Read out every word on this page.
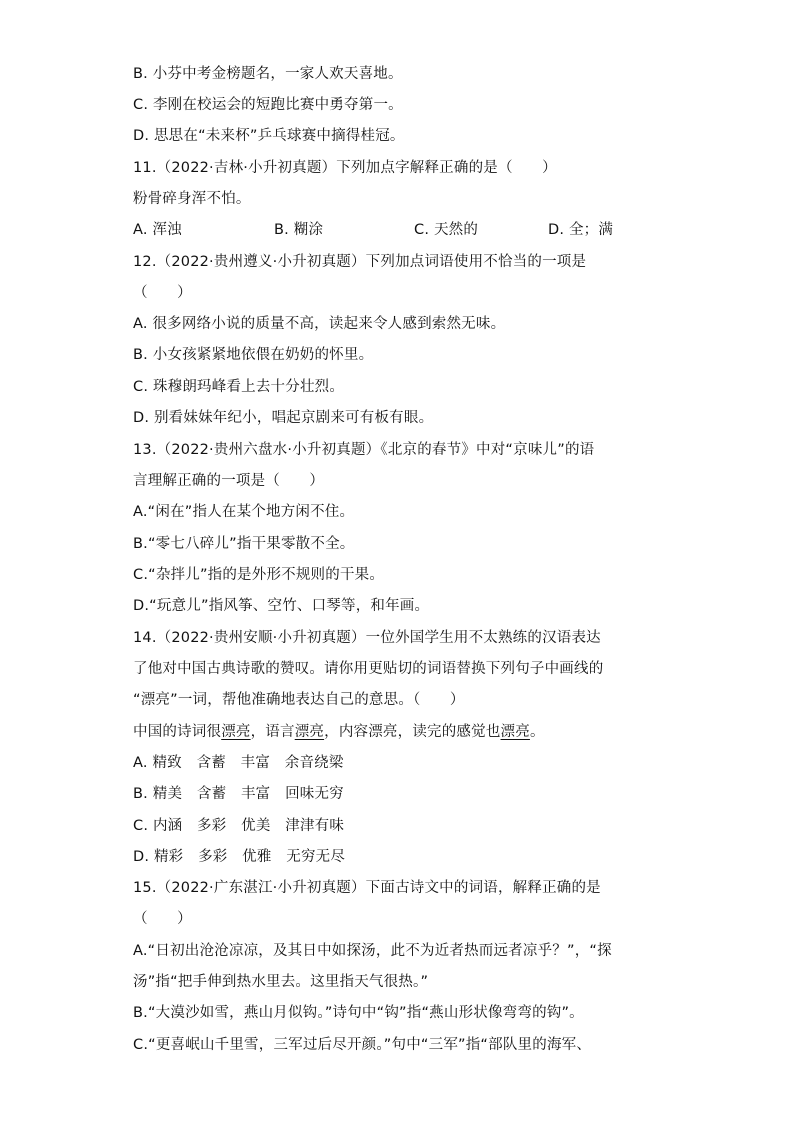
B. 小芬中考金榜题名，一家人欢天喜地。
C. 李刚在校运会的短跑比赛中勇夺第一。
D. 思思在“未来杯”乒乓球赛中摘得桂冠。
11.（2022·吉林·小升初真题）下列加点字解释正确的是（　　）
粉骨碎身浑不怕。
A. 浑浊	B. 糊涂	C. 天然的	D. 全；满
12.（2022·贵州遵义·小升初真题）下列加点词语使用不恰当的一项是
（　　）
A. 很多网络小说的质量不高，读起来令人感到索然无味。
B. 小女孩紧紧地依偎在奶奶的怀里。
C. 珠穆朗玛峰看上去十分壮烈。
D. 别看妹妹年纪小，唱起京剧来可有板有眼。
13.（2022·贵州六盘水·小升初真题）《北京的春节》中对“京味儿”的语
言理解正确的一项是（　　）
A.“闲在”指人在某个地方闲不住。
B.“零七八碎儿”指干果零散不全。
C.“杂拌儿”指的是外形不规则的干果。
D.“玩意儿”指风筝、空竹、口琴等，和年画。
14.（2022·贵州安顺·小升初真题）一位外国学生用不太熟练的汉语表达
了他对中国古典诗歌的赞叹。请你用更贴切的词语替换下列句子中画线的
“漂亮”一词，帮他准确地表达自己的意思。（　　）
中国的诗词很漂亮，语言漂亮，内容漂亮，读完的感觉也漂亮。
A. 精致　含蓄　丰富　余音绕梁
B. 精美　含蓄　丰富　回味无穷
C. 内涵　多彩　优美　津津有味
D. 精彩　多彩　优雅　无穷无尽
15.（2022·广东湛江·小升初真题）下面古诗文中的词语，解释正确的是
（　　）
A.“日初出沧沧凉凉，及其日中如探汤，此不为近者热而远者凉乎？”，“探
汤”指“把手伸到热水里去。这里指天气很热。”
B.“大漠沙如雪，燕山月似钩。”诗句中“钩”指“燕山形状像弯弯的钩”。
C.“更喜岷山千里雪，三军过后尽开颜。”句中“三军”指“部队里的海军、
